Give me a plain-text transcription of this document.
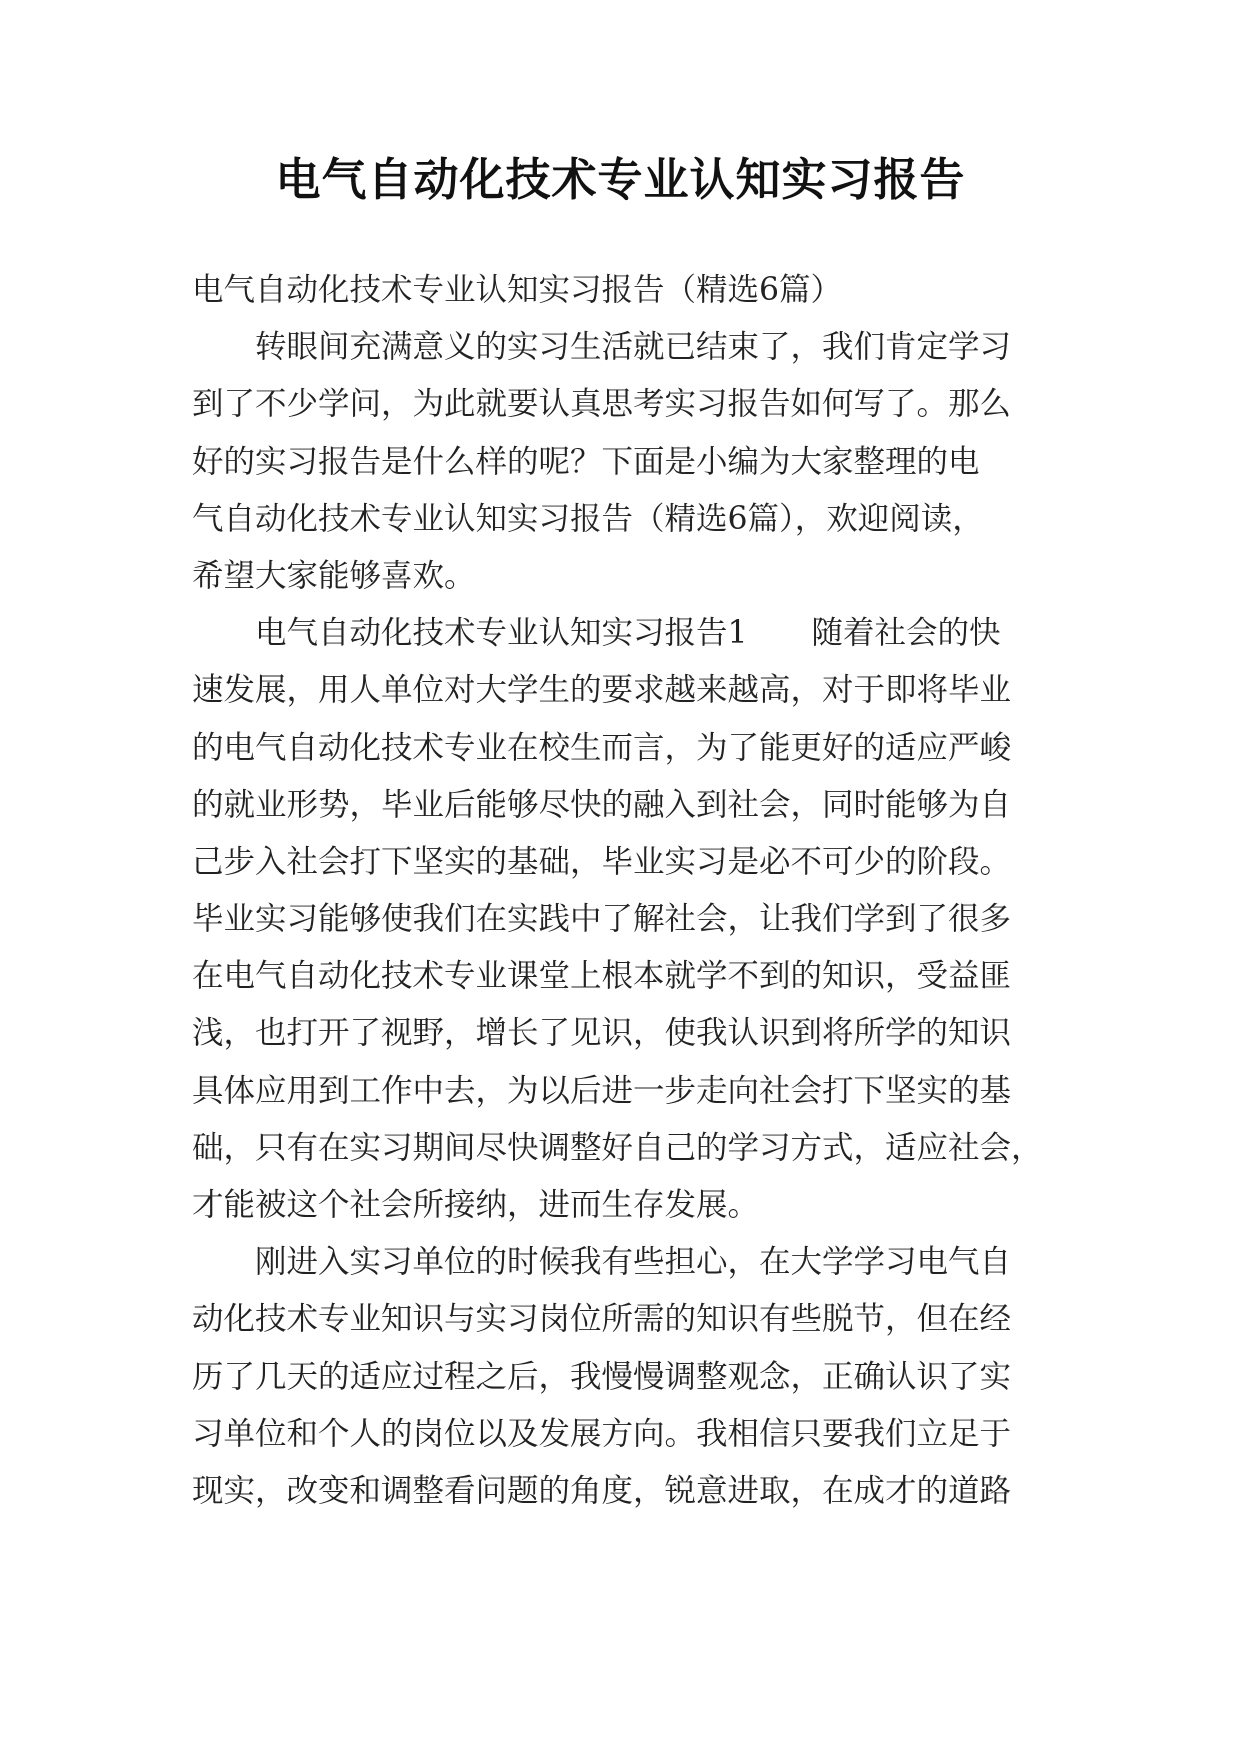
电气自动化技术专业认知实习报告

电气自动化技术专业认知实习报告（精选6篇）

转眼间充满意义的实习生活就已结束了，我们肯定学习

到了不少学问，为此就要认真思考实习报告如何写了。那么

好的实习报告是什么样的呢？下面是小编为大家整理的电

气自动化技术专业认知实习报告（精选6篇），欢迎阅读，

希望大家能够喜欢。

电气自动化技术专业认知实习报告1 随着社会的快

速发展，用人单位对大学生的要求越来越高，对于即将毕业

的电气自动化技术专业在校生而言，为了能更好的适应严峻

的就业形势，毕业后能够尽快的融入到社会，同时能够为自

己步入社会打下坚实的基础，毕业实习是必不可少的阶段。

毕业实习能够使我们在实践中了解社会，让我们学到了很多

在电气自动化技术专业课堂上根本就学不到的知识，受益匪

浅，也打开了视野，增长了见识，使我认识到将所学的知识

具体应用到工作中去，为以后进一步走向社会打下坚实的基

础，只有在实习期间尽快调整好自己的学习方式，适应社会，

才能被这个社会所接纳，进而生存发展。

刚进入实习单位的时候我有些担心，在大学学习电气自

动化技术专业知识与实习岗位所需的知识有些脱节，但在经

历了几天的适应过程之后，我慢慢调整观念，正确认识了实

习单位和个人的岗位以及发展方向。我相信只要我们立足于

现实，改变和调整看问题的角度，锐意进取，在成才的道路
